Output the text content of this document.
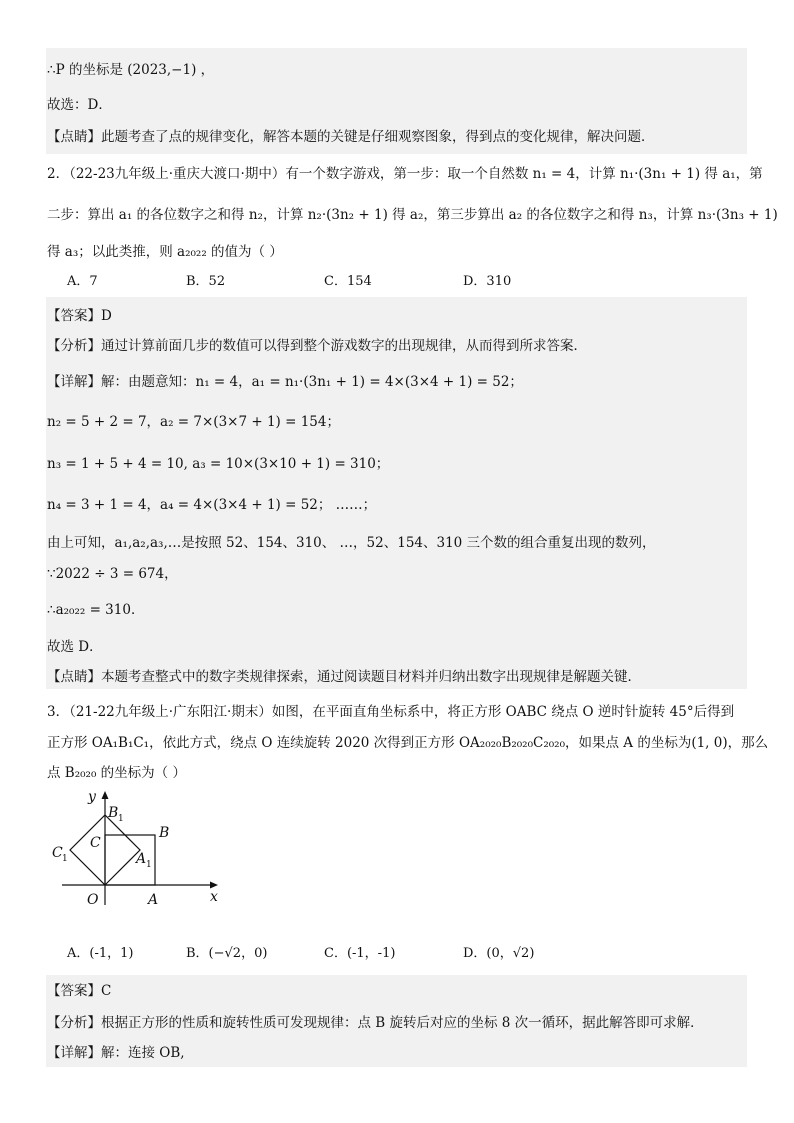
∴P 的坐标是 (2023,−1) ，
故选：D．
【点睛】此题考查了点的规律变化，解答本题的关键是仔细观察图象，得到点的变化规律，解决问题．
2．（22-23九年级上·重庆大渡口·期中）有一个数字游戏，第一步：取一个自然数 n₁ = 4，计算 n₁·(3n₁ + 1) 得 a₁，第
二步：算出 a₁ 的各位数字之和得 n₂，计算 n₂·(3n₂ + 1) 得 a₂，第三步算出 a₂ 的各位数字之和得 n₃，计算 n₃·(3n₃ + 1)
得 a₃；以此类推，则 a₂₀₂₂ 的值为（ ）
A．7	B．52	C．154	D．310
【答案】D
【分析】通过计算前面几步的数值可以得到整个游戏数字的出现规律，从而得到所求答案．
【详解】解：由题意知：n₁ = 4，a₁ = n₁·(3n₁ + 1) = 4×(3×4 + 1) = 52；
n₂ = 5 + 2 = 7，a₂ = 7×(3×7 + 1) = 154；
n₃ = 1 + 5 + 4 = 10, a₃ = 10×(3×10 + 1) = 310；
n₄ = 3 + 1 = 4，a₄ = 4×(3×4 + 1) = 52； ……；
由上可知，a₁,a₂,a₃,…是按照 52、154、310、 …，52、154、310 三个数的组合重复出现的数列，
∵2022 ÷ 3 = 674，
∴a₂₀₂₂ = 310．
故选 D．
【点睛】本题考查整式中的数字类规律探索，通过阅读题目材料并归纳出数字出现规律是解题关键．
3．（21-22九年级上·广东阳江·期末）如图，在平面直角坐标系中，将正方形 OABC 绕点 O 逆时针旋转 45°后得到
正方形 OA₁B₁C₁，依此方式，绕点 O 连续旋转 2020 次得到正方形 OA₂₀₂₀B₂₀₂₀C₂₀₂₀，如果点 A 的坐标为(1, 0)，那么
点 B₂₀₂₀ 的坐标为（ ）
y
x
O	A
B
C
B 1
A 1
C 1
A．(-1，1)	B．(−√2，0)	C．(-1，-1)	D．(0，√2)
【答案】C
【分析】根据正方形的性质和旋转性质可发现规律：点 B 旋转后对应的坐标 8 次一循环，据此解答即可求解．
【详解】解：连接 OB,
